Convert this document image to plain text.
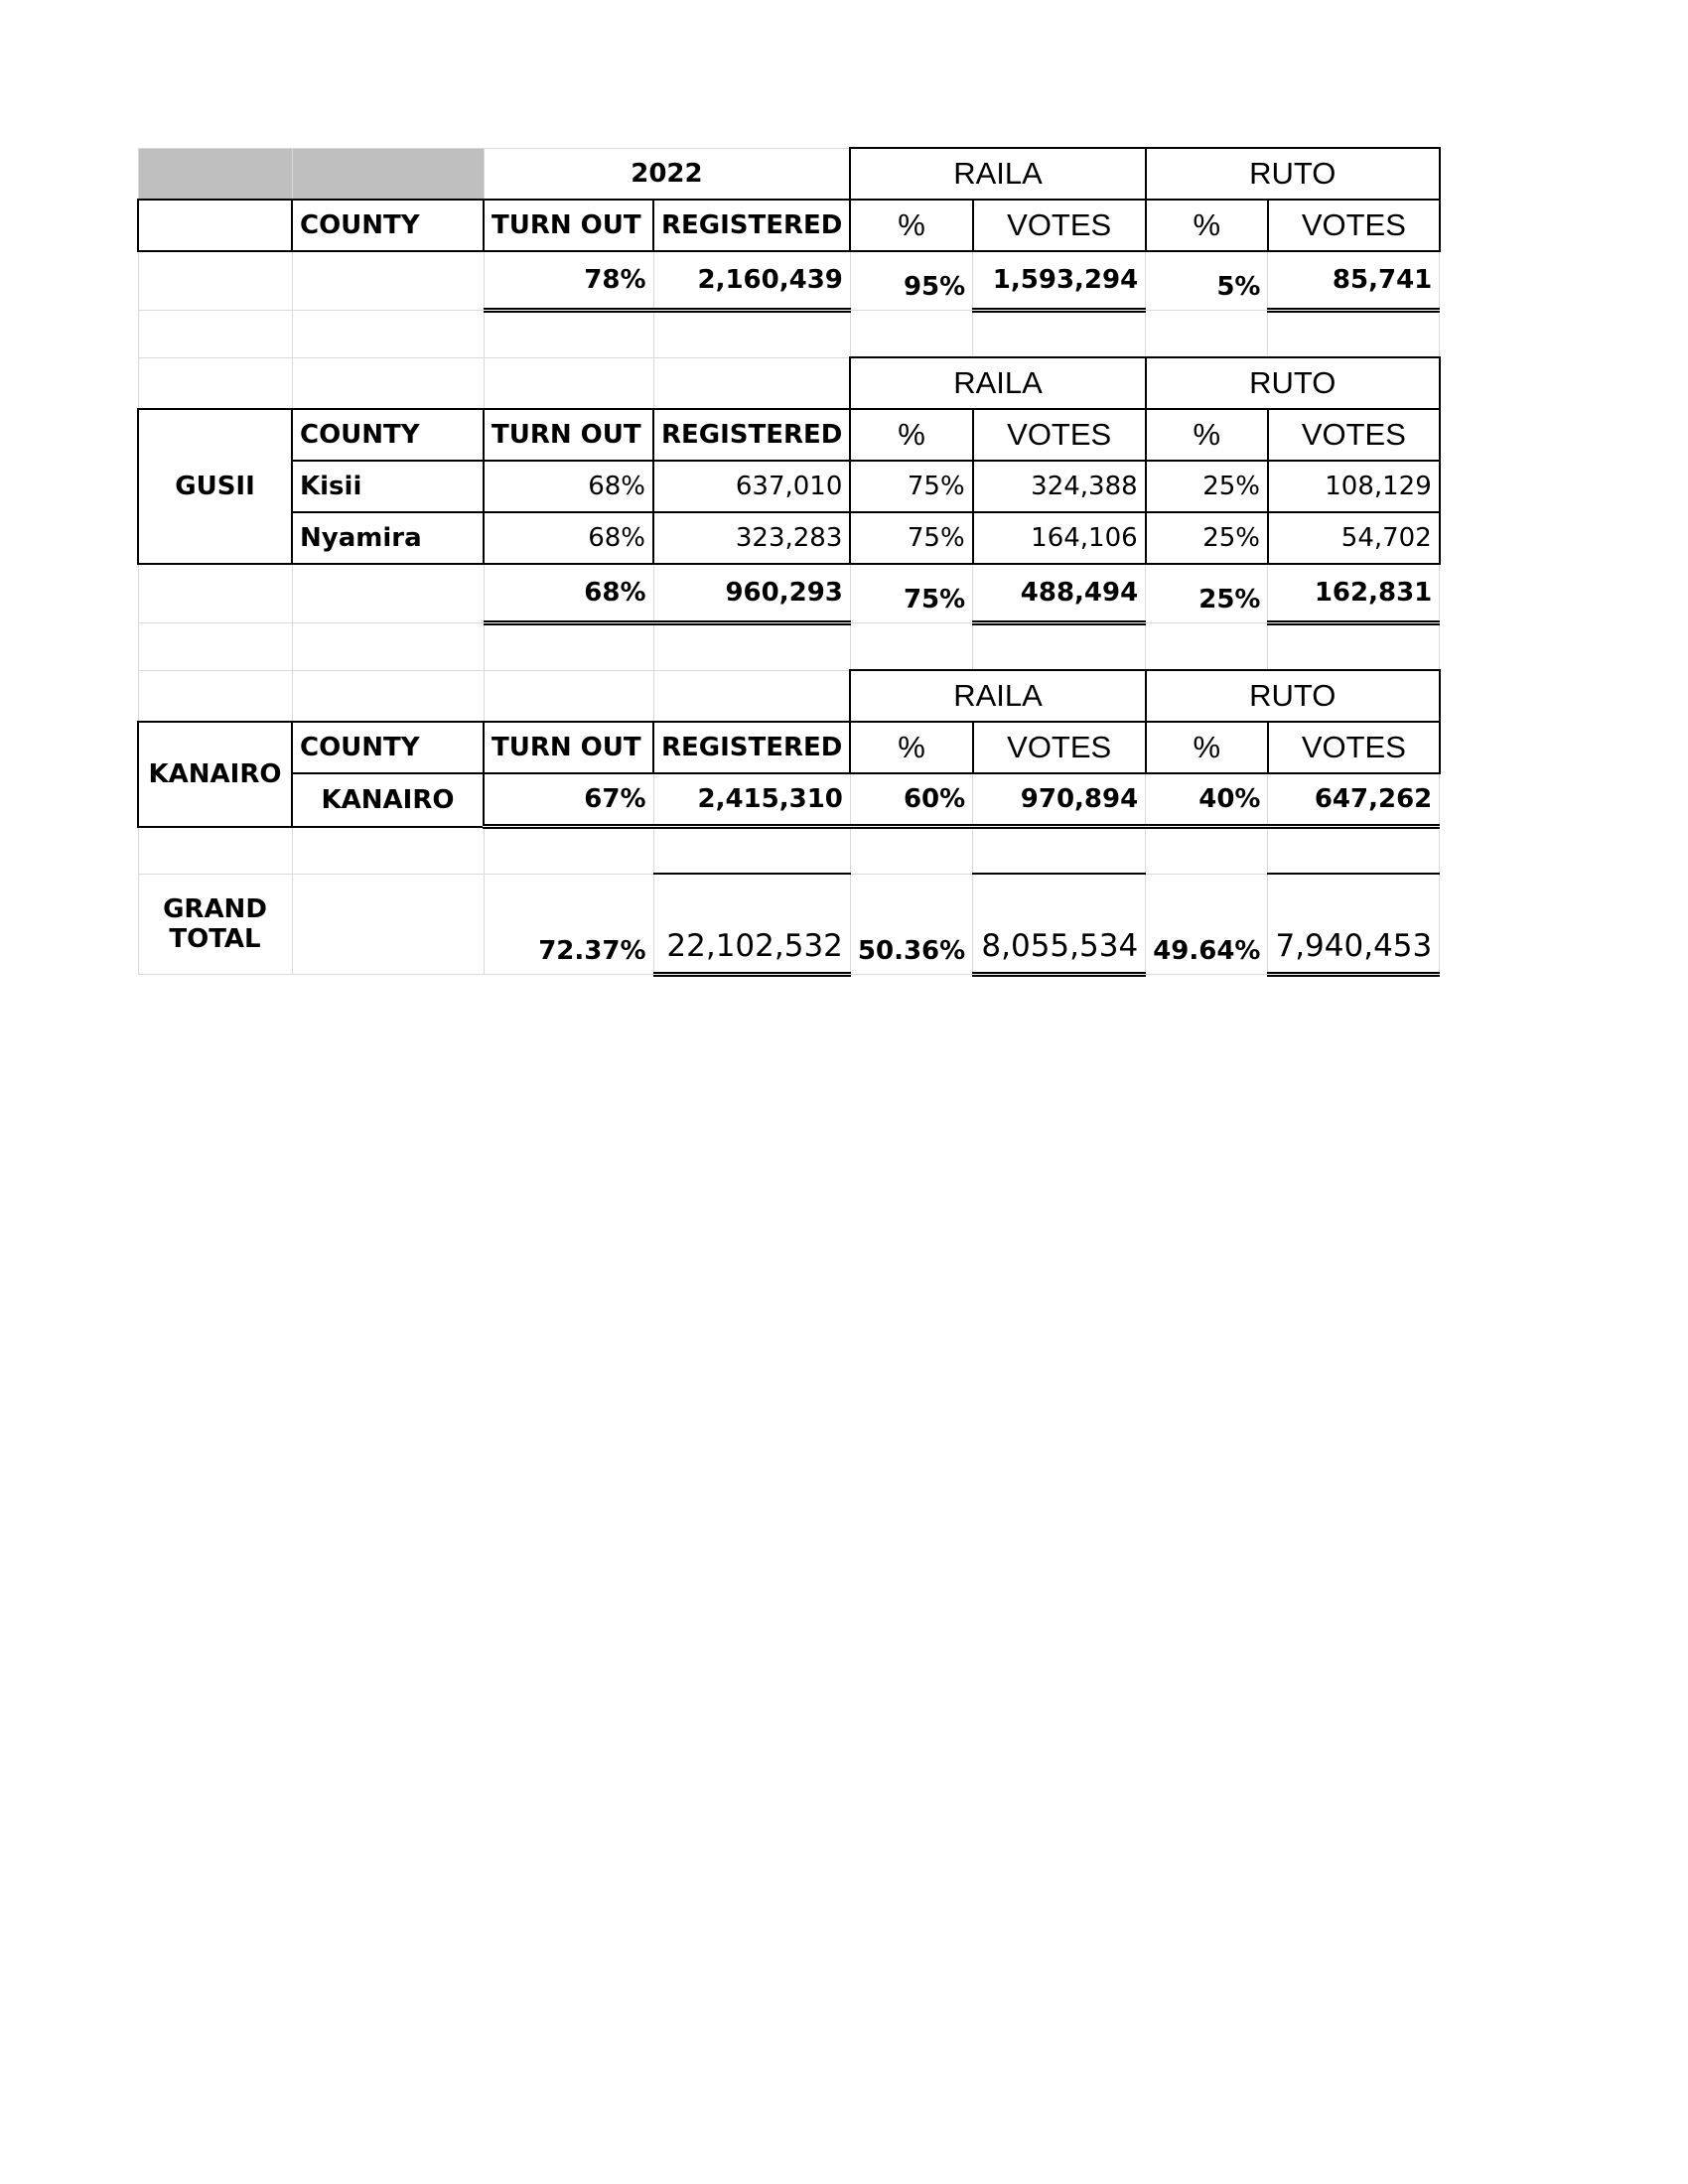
		2022		RAILA		RUTO	
	COUNTY	TURN OUT	REGISTERED	%	VOTES	%	VOTES
		78%	2,160,439	95%	1,593,294	5%	85,741

				RAILA		RUTO	
GUSII	COUNTY	TURN OUT	REGISTERED	%	VOTES	%	VOTES
	Kisii	68%	637,010	75%	324,388	25%	108,129
	Nyamira	68%	323,283	75%	164,106	25%	54,702
		68%	960,293	75%	488,494	25%	162,831

				RAILA		RUTO	
KANAIRO	COUNTY	TURN OUT	REGISTERED	%	VOTES	%	VOTES
	KANAIRO	67%	2,415,310	60%	970,894	40%	647,262

GRAND
TOTAL		72.37%	22,102,532	50.36%	8,055,534	49.64%	7,940,453
